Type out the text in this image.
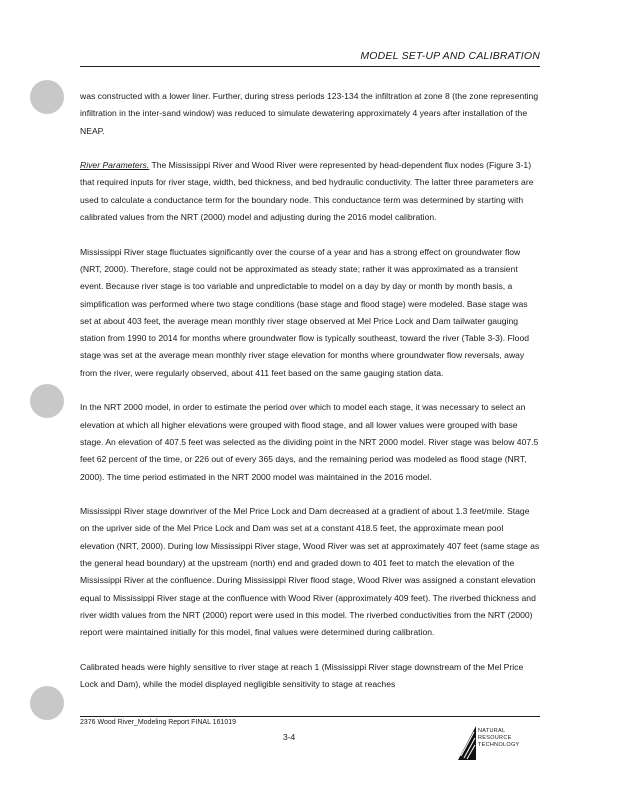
MODEL SET-UP AND CALIBRATION

was constructed with a lower liner. Further, during stress periods 123-134 the infiltration at zone 8 (the zone representing infiltration in the inter-sand window) was reduced to simulate dewatering approximately 4 years after installation of the NEAP.

River Parameters. The Mississippi River and Wood River were represented by head-dependent flux nodes (Figure 3-1) that required inputs for river stage, width, bed thickness, and bed hydraulic conductivity. The latter three parameters are used to calculate a conductance term for the boundary node. This conductance term was determined by starting with calibrated values from the NRT (2000) model and adjusting during the 2016 model calibration.

Mississippi River stage fluctuates significantly over the course of a year and has a strong effect on groundwater flow (NRT, 2000). Therefore, stage could not be approximated as steady state; rather it was approximated as a transient event. Because river stage is too variable and unpredictable to model on a day by day or month by month basis, a simplification was performed where two stage conditions (base stage and flood stage) were modeled. Base stage was set at about 403 feet, the average mean monthly river stage observed at Mel Price Lock and Dam tailwater gauging station from 1990 to 2014 for months where groundwater flow is typically southeast, toward the river (Table 3-3). Flood stage was set at the average mean monthly river stage elevation for months where groundwater flow reversals, away from the river, were regularly observed, about 411 feet based on the same gauging station data.

In the NRT 2000 model, in order to estimate the period over which to model each stage, it was necessary to select an elevation at which all higher elevations were grouped with flood stage, and all lower values were grouped with base stage. An elevation of 407.5 feet was selected as the dividing point in the NRT 2000 model. River stage was below 407.5 feet 62 percent of the time, or 226 out of every 365 days, and the remaining period was modeled as flood stage (NRT, 2000). The time period estimated in the NRT 2000 model was maintained in the 2016 model.

Mississippi River stage downriver of the Mel Price Lock and Dam decreased at a gradient of about 1.3 feet/mile. Stage on the upriver side of the Mel Price Lock and Dam was set at a constant 418.5 feet, the approximate mean pool elevation (NRT, 2000). During low Mississippi River stage, Wood River was set at approximately 407 feet (same stage as the general head boundary) at the upstream (north) end and graded down to 401 feet to match the elevation of the Mississippi River at the confluence. During Mississippi River flood stage, Wood River was assigned a constant elevation equal to Mississippi River stage at the confluence with Wood River (approximately 409 feet). The riverbed thickness and river width values from the NRT (2000) report were used in this model. The riverbed conductivities from the NRT (2000) report were maintained initially for this model, final values were determined during calibration.

Calibrated heads were highly sensitive to river stage at reach 1 (Mississippi River stage downstream of the Mel Price Lock and Dam), while the model displayed negligible sensitivity to stage at reaches

2376 Wood River_Modeling Report FINAL 161019
3-4
NATURAL
RESOURCE
TECHNOLOGY
